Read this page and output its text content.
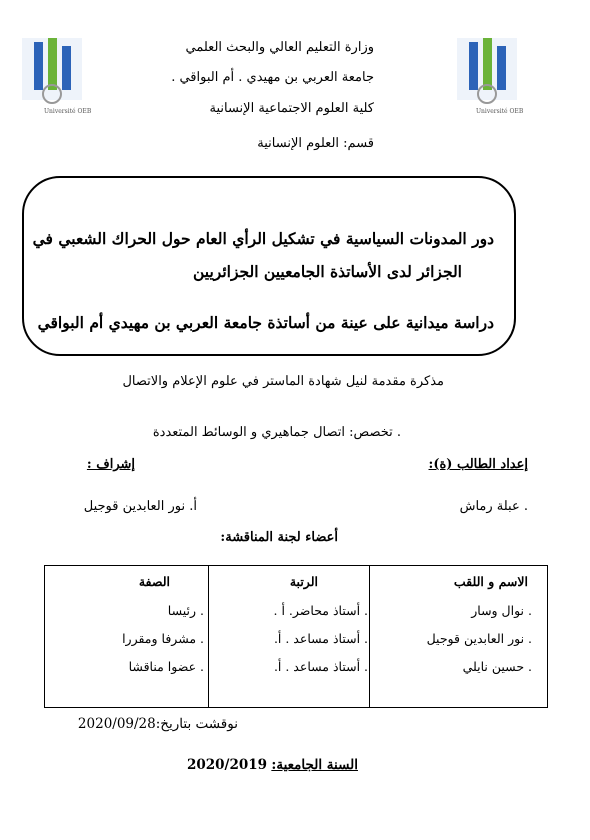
Université OEB	Université OEB
وزارة التعليم العالي والبحث العلمي
جامعة العربي بن مهيدي . أم البواقي .
كلية العلوم الاجتماعية الإنسانية
قسم: العلوم الإنسانية
دور المدونات السياسية في تشكيل الرأي العام حول الحراك الشعبي في
الجزائر لدى الأساتذة الجامعيين الجزائريين
دراسة ميدانية على عينة من أساتذة جامعة العربي بن مهيدي أم البواقي
مذكرة مقدمة لنيل شهادة الماستر في علوم الإعلام والاتصال
. تخصص: اتصال جماهيري و الوسائط المتعددة
إعداد الطالب (ة):
إشراف :
. عبلة رماش
أ. نور العابدين قوجيل
أعضاء لجنة المناقشة:
الاسم و اللقب
الرتبة
الصفة
. نوال وسار
. أستاذ محاضر. أ .
. رئيسا
. نور العابدين قوجيل
. أستاذ مساعد . أ.
. مشرفا ومقررا
. حسين نايلي
. أستاذ مساعد . أ.
. عضوا مناقشا
نوقشت بتاريخ:2020/09/28
السنة الجامعية: 2020/2019
